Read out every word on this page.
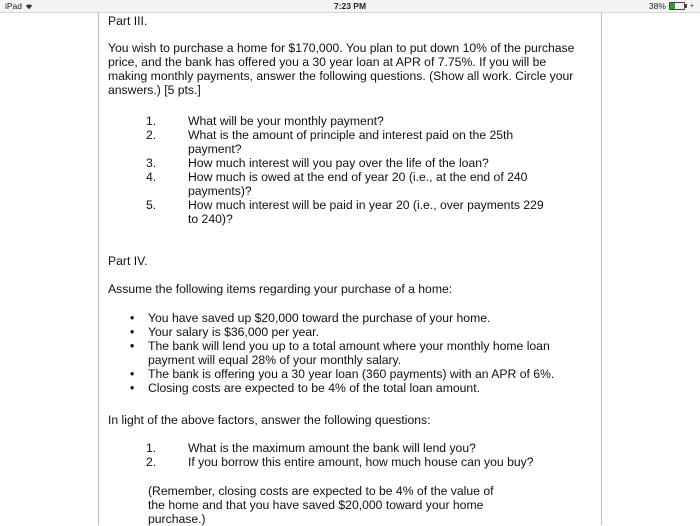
iPad	7:23 PM	38%	+

Part III.

You wish to purchase a home for $170,000. You plan to put down 10% of the purchase
price, and the bank has offered you a 30 year loan at APR of 7.75%. If you will be
making monthly payments, answer the following questions. (Show all work. Circle your
answers.) [5 pts.]
1.	What will be your monthly payment?
2.	What is the amount of principle and interest paid on the 25th
payment?
3.	How much interest will you pay over the life of the loan?
4.	How much is owed at the end of year 20 (i.e., at the end of 240
payments)?
5.	How much interest will be paid in year 20 (i.e., over payments 229
to 240)?

Part IV.

Assume the following items regarding your purchase of a home:

• You have saved up $20,000 toward the purchase of your home.
• Your salary is $36,000 per year.
• The bank will lend you up to a total amount where your monthly home loan
payment will equal 28% of your monthly salary.
• The bank is offering you a 30 year loan (360 payments) with an APR of 6%.
• Closing costs are expected to be 4% of the total loan amount.

In light of the above factors, answer the following questions:

1.	What is the maximum amount the bank will lend you?
2.	If you borrow this entire amount, how much house can you buy?
(Remember, closing costs are expected to be 4% of the value of
the home and that you have saved $20,000 toward your home
purchase.)
